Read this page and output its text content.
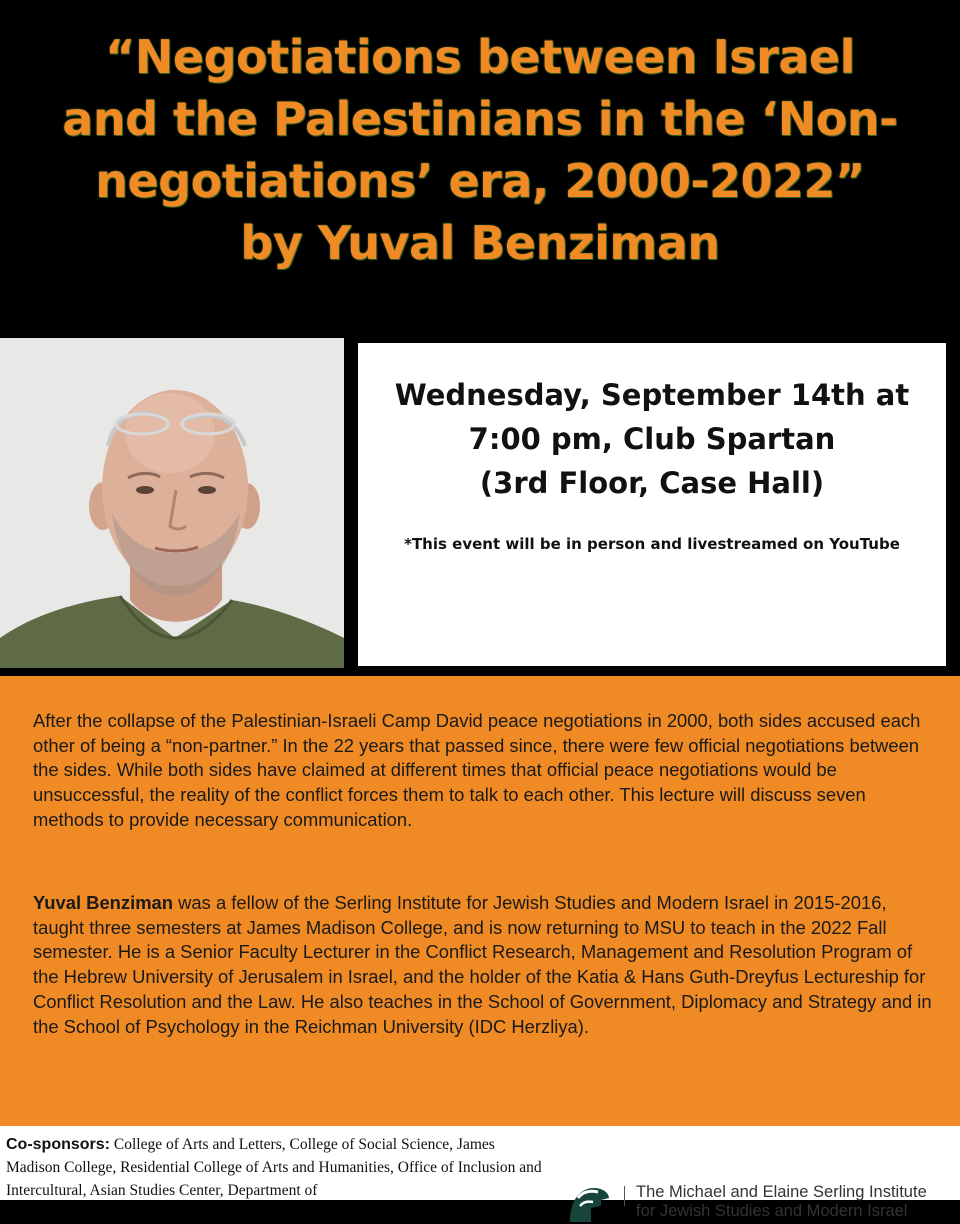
“Negotiations between Israel
and the Palestinians in the ‘Non-
negotiations’ era, 2000-2022”
by Yuval Benziman

Wednesday, September 14th at
7:00 pm, Club Spartan
(3rd Floor, Case Hall)

*This event will be in person and livestreamed on YouTube

After the collapse of the Palestinian-Israeli Camp David peace negotiations in 2000, both sides accused each other of being a “non-partner.” In the 22 years that passed since, there were few official negotiations between the sides. While both sides have claimed at different times that official peace negotiations would be unsuccessful, the reality of the conflict forces them to talk to each other. This lecture will discuss seven methods to provide necessary communication.

Yuval Benziman was a fellow of the Serling Institute for Jewish Studies and Modern Israel in 2015-2016, taught three semesters at James Madison College, and is now returning to MSU to teach in the 2022 Fall semester. He is a Senior Faculty Lecturer in the Conflict Research, Management and Resolution Program of the Hebrew University of Jerusalem in Israel, and the holder of the Katia & Hans Guth-Dreyfus Lectureship for Conflict Resolution and the Law. He also teaches in the School of Government, Diplomacy and Strategy and in the School of Psychology in the Reichman University (IDC Herzliya).

Co-sponsors: College of Arts and Letters, College of Social Science, James Madison College, Residential College of Arts and Humanities, Office of Inclusion and Intercultural, Asian Studies Center, Department of	The Michael and Elaine Serling Institute
for Jewish Studies and Modern Israel
